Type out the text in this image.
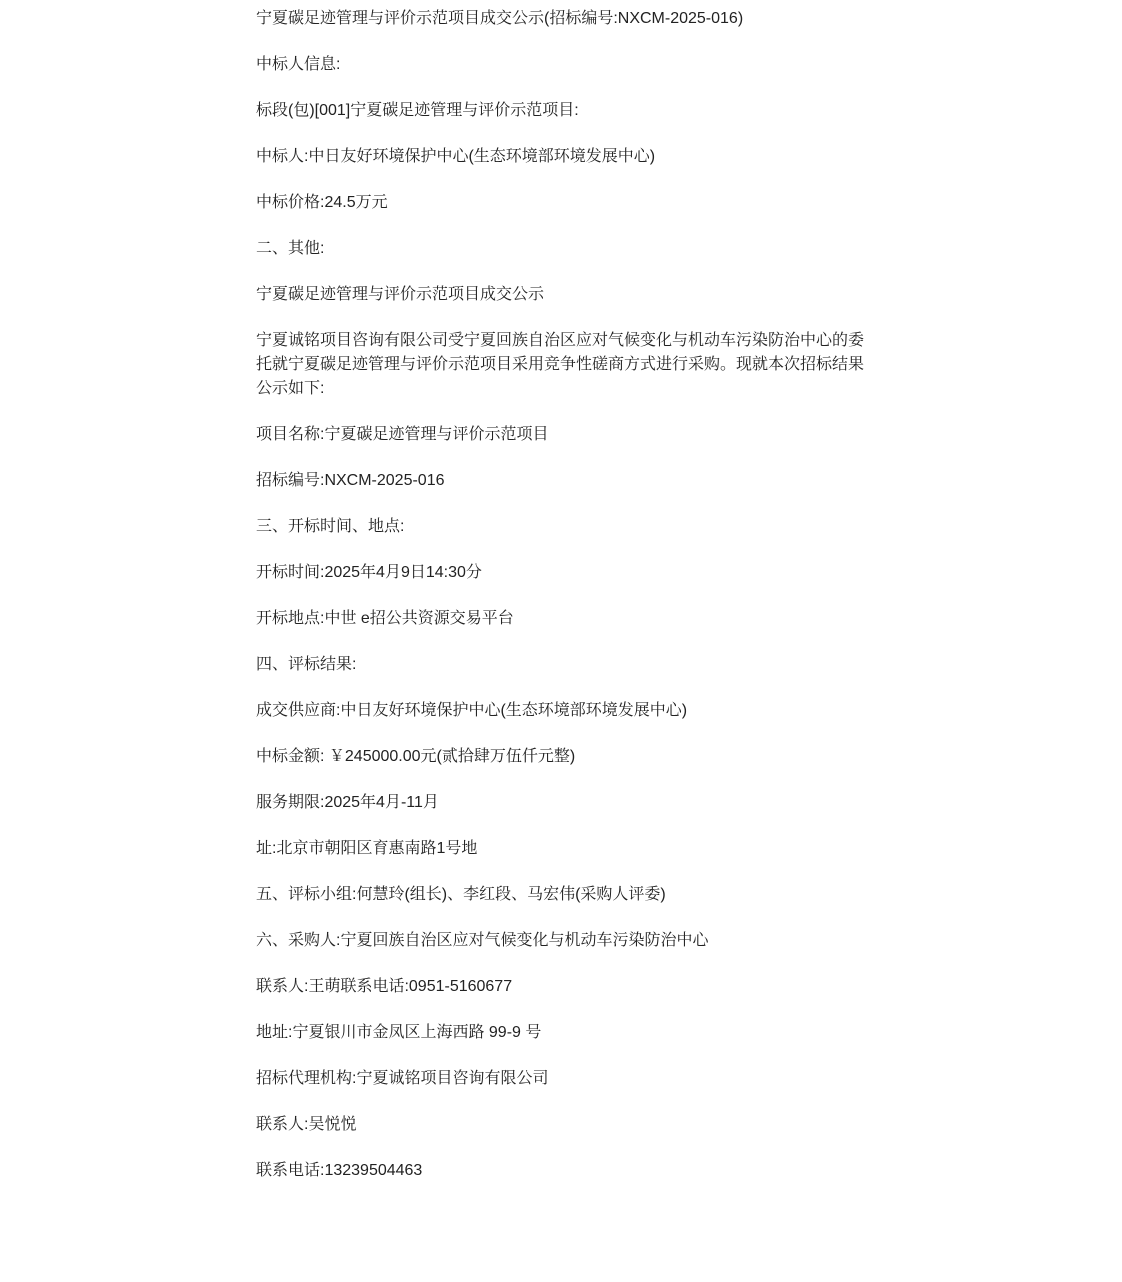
宁夏碳足迹管理与评价示范项目成交公示(招标编号:NXCM-2025-016)

中标人信息:

标段(包)[001]宁夏碳足迹管理与评价示范项目:

中标人:中日友好环境保护中心(生态环境部环境发展中心)

中标价格:24.5万元

二、其他:

宁夏碳足迹管理与评价示范项目成交公示

宁夏诚铭项目咨询有限公司受宁夏回族自治区应对气候变化与机动车污染防治中心的委托就宁夏碳足迹管理与评价示范项目采用竞争性磋商方式进行采购。现就本次招标结果公示如下:

项目名称:宁夏碳足迹管理与评价示范项目

招标编号:NXCM-2025-016

三、开标时间、地点:

开标时间:2025年4月9日14:30分

开标地点:中世 e招公共资源交易平台

四、评标结果:

成交供应商:中日友好环境保护中心(生态环境部环境发展中心)

中标金额: ￥245000.00元(贰拾肆万伍仟元整)

服务期限:2025年4月-11月

址:北京市朝阳区育惠南路1号地

五、评标小组:何慧玲(组长)、李红段、马宏伟(采购人评委)

六、采购人:宁夏回族自治区应对气候变化与机动车污染防治中心

联系人:王萌联系电话:0951-5160677

地址:宁夏银川市金凤区上海西路 99-9 号

招标代理机构:宁夏诚铭项目咨询有限公司

联系人:吴悦悦

联系电话:13239504463
